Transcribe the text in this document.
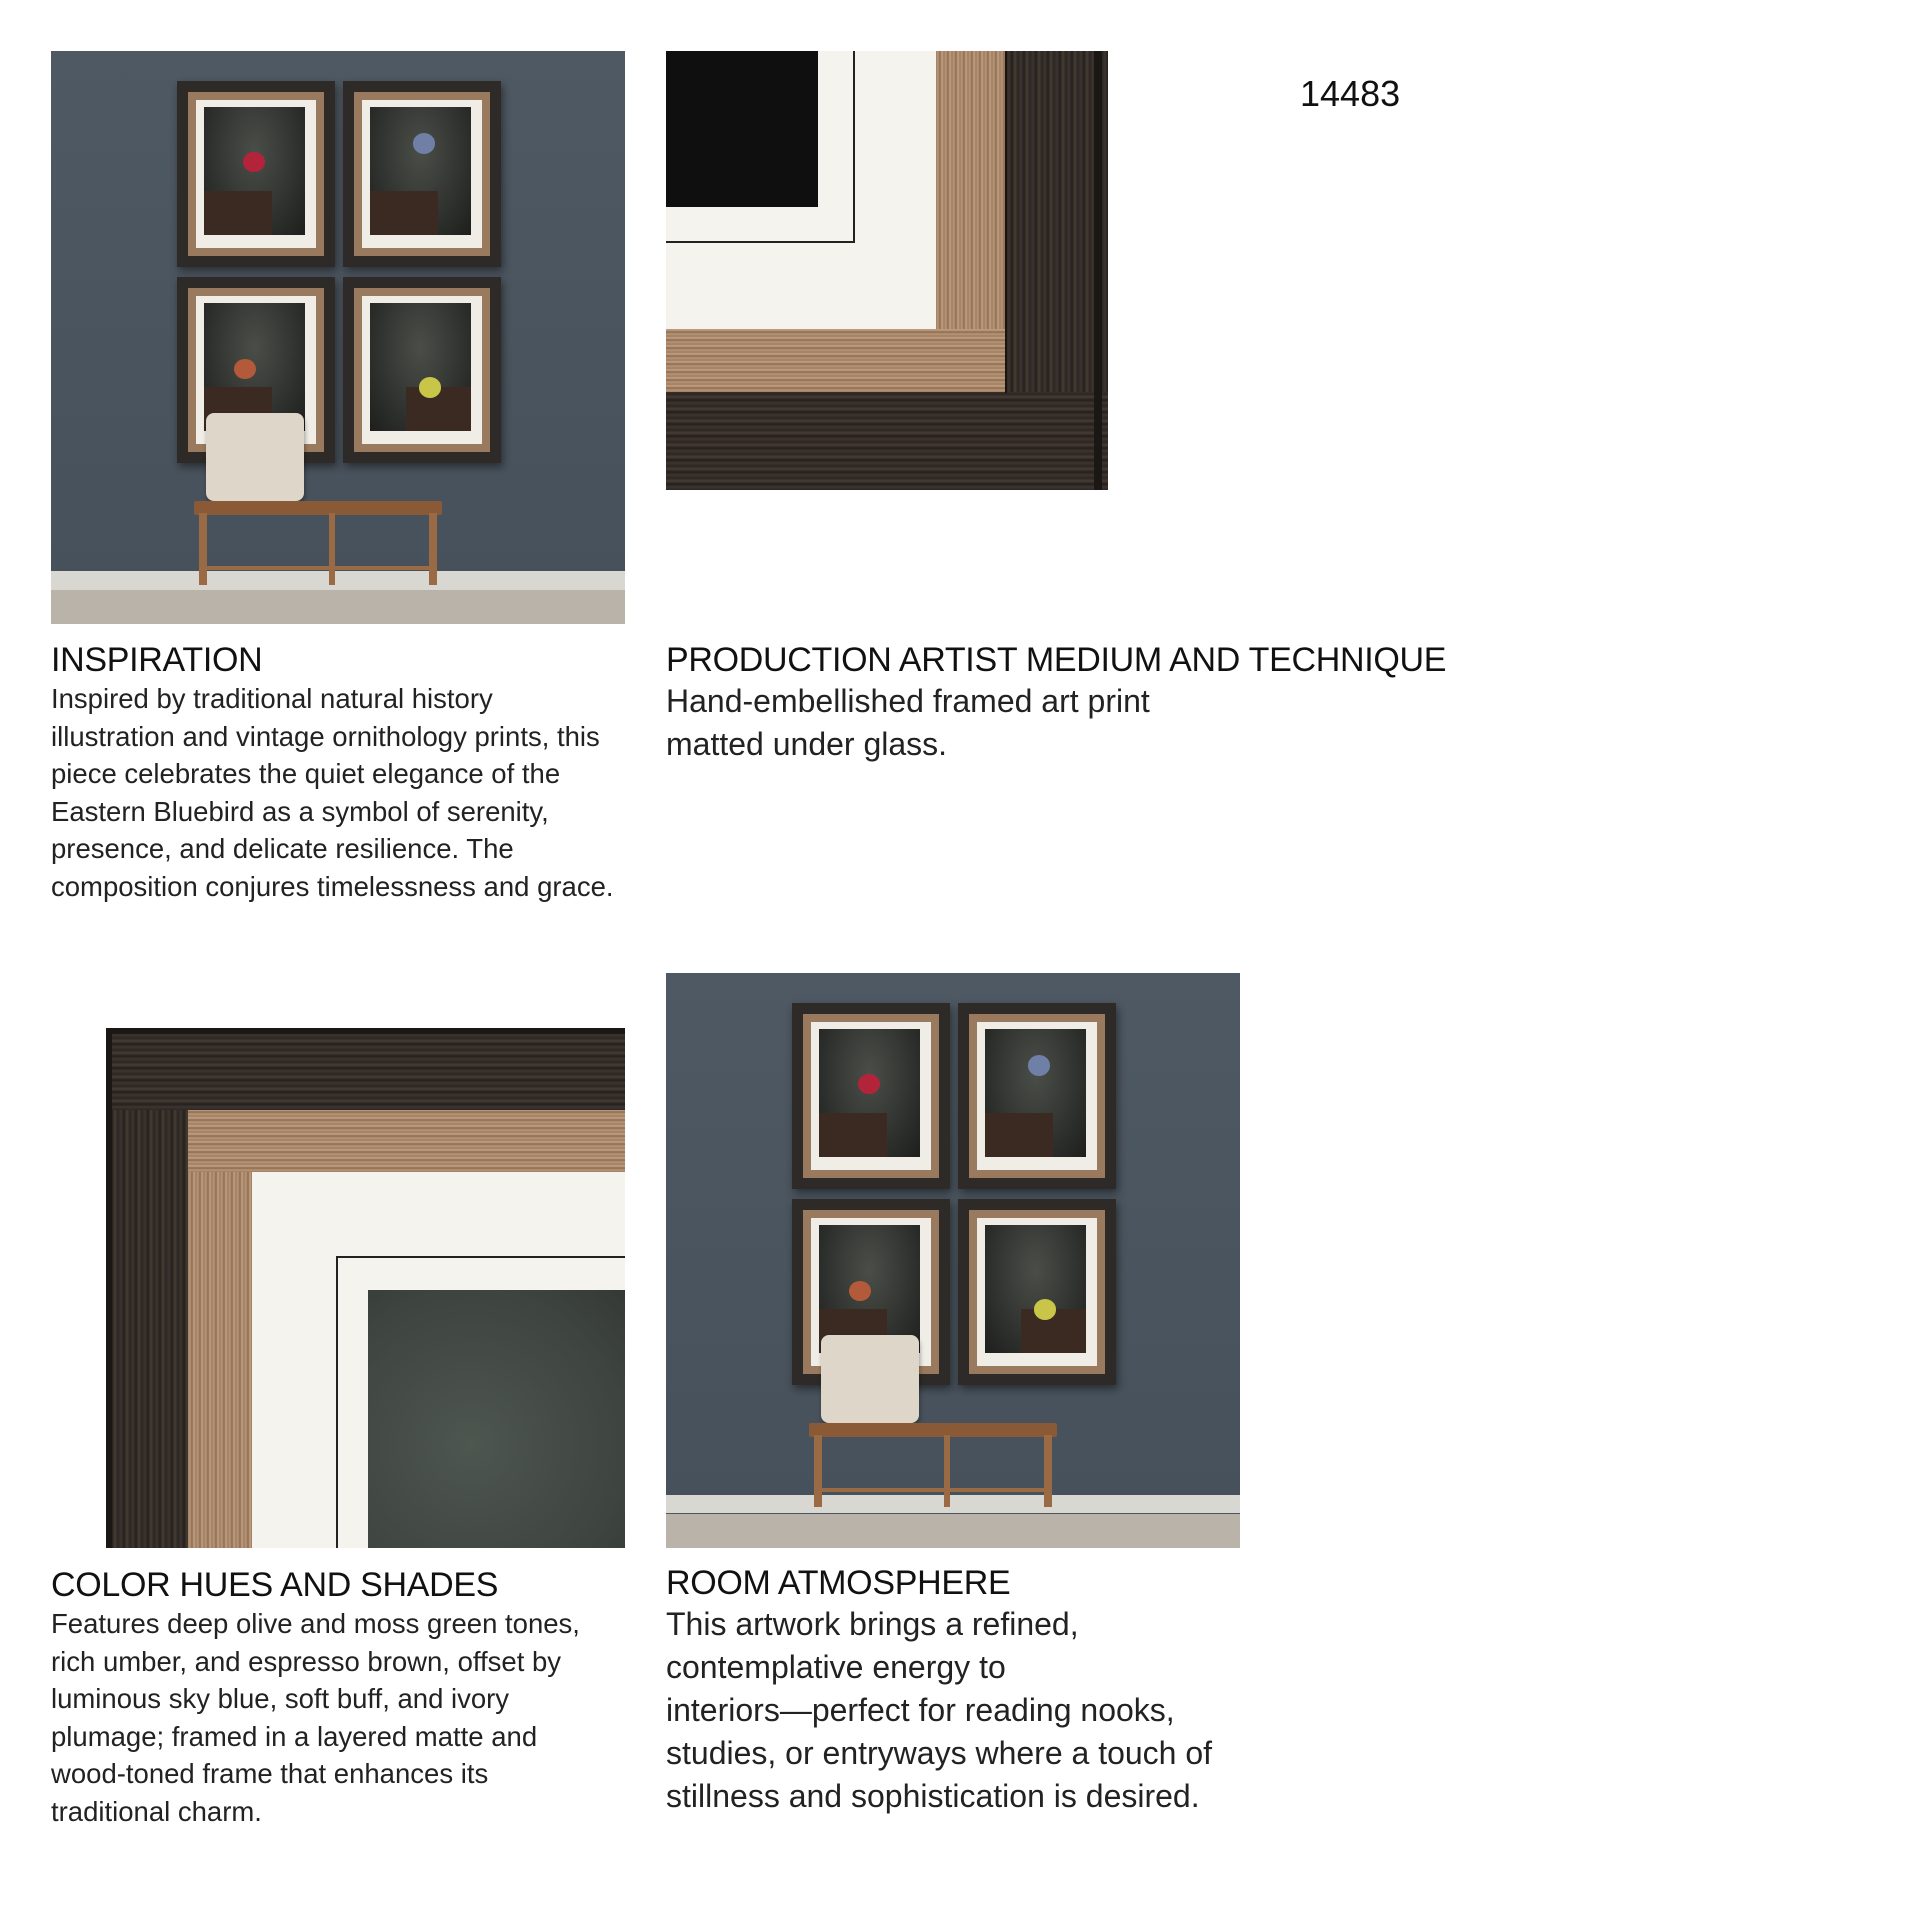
14483
INSPIRATION

Inspired by traditional natural history
illustration and vintage ornithology prints, this
piece celebrates the quiet elegance of the
Eastern Bluebird as a symbol of serenity,
presence, and delicate resilience. The
composition conjures timelessness and grace.

PRODUCTION ARTIST MEDIUM AND TECHNIQUE

Hand-embellished framed art print
matted under glass.

COLOR HUES AND SHADES

Features deep olive and moss green tones,
rich umber, and espresso brown, offset by
luminous sky blue, soft buff, and ivory
plumage; framed in a layered matte and
wood-toned frame that enhances its
traditional charm.

ROOM ATMOSPHERE

This artwork brings a refined,
contemplative energy to
interiors—perfect for reading nooks,
studies, or entryways where a touch of
stillness and sophistication is desired.
